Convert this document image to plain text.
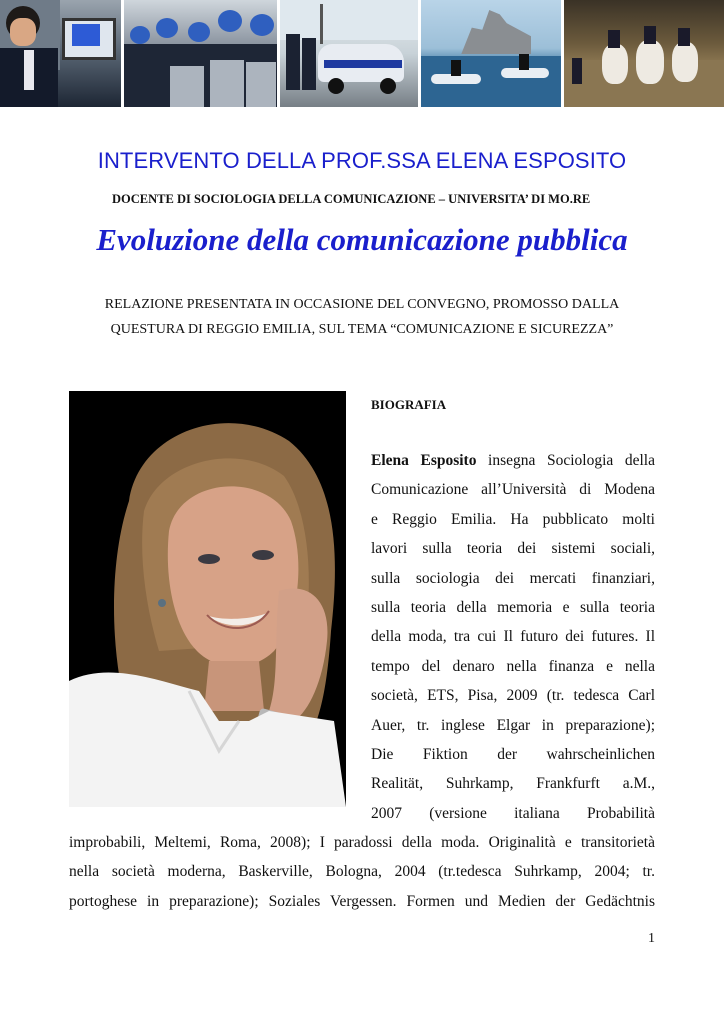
INTERVENTO DELLA PROF.SSA ELENA ESPOSITO
DOCENTE DI SOCIOLOGIA DELLA COMUNICAZIONE – UNIVERSITA’ DI MO.RE
Evoluzione della comunicazione pubblica
RELAZIONE PRESENTATA IN OCCASIONE DEL CONVEGNO, PROMOSSO DALLA
QUESTURA DI REGGIO EMILIA, SUL TEMA “COMUNICAZIONE E SICUREZZA”
BIOGRAFIA
Elena Esposito insegna Sociologia della
Comunicazione all’Università di Modena
e Reggio Emilia. Ha pubblicato molti
lavori sulla teoria dei sistemi sociali,
sulla sociologia dei mercati finanziari,
sulla teoria della memoria e sulla teoria
della moda, tra cui Il futuro dei futures. Il
tempo del denaro nella finanza e nella
società, ETS, Pisa, 2009 (tr. tedesca Carl
Auer, tr. inglese Elgar in preparazione);
Die Fiktion der wahrscheinlichen
Realität, Suhrkamp, Frankfurft a.M.,
2007 (versione italiana Probabilità
improbabili, Meltemi, Roma, 2008); I paradossi della moda. Originalità e transitorietà
nella società moderna, Baskerville, Bologna, 2004 (tr.tedesca Suhrkamp, 2004; tr.
portoghese in preparazione); Soziales Vergessen. Formen und Medien der Gedächtnis
1
